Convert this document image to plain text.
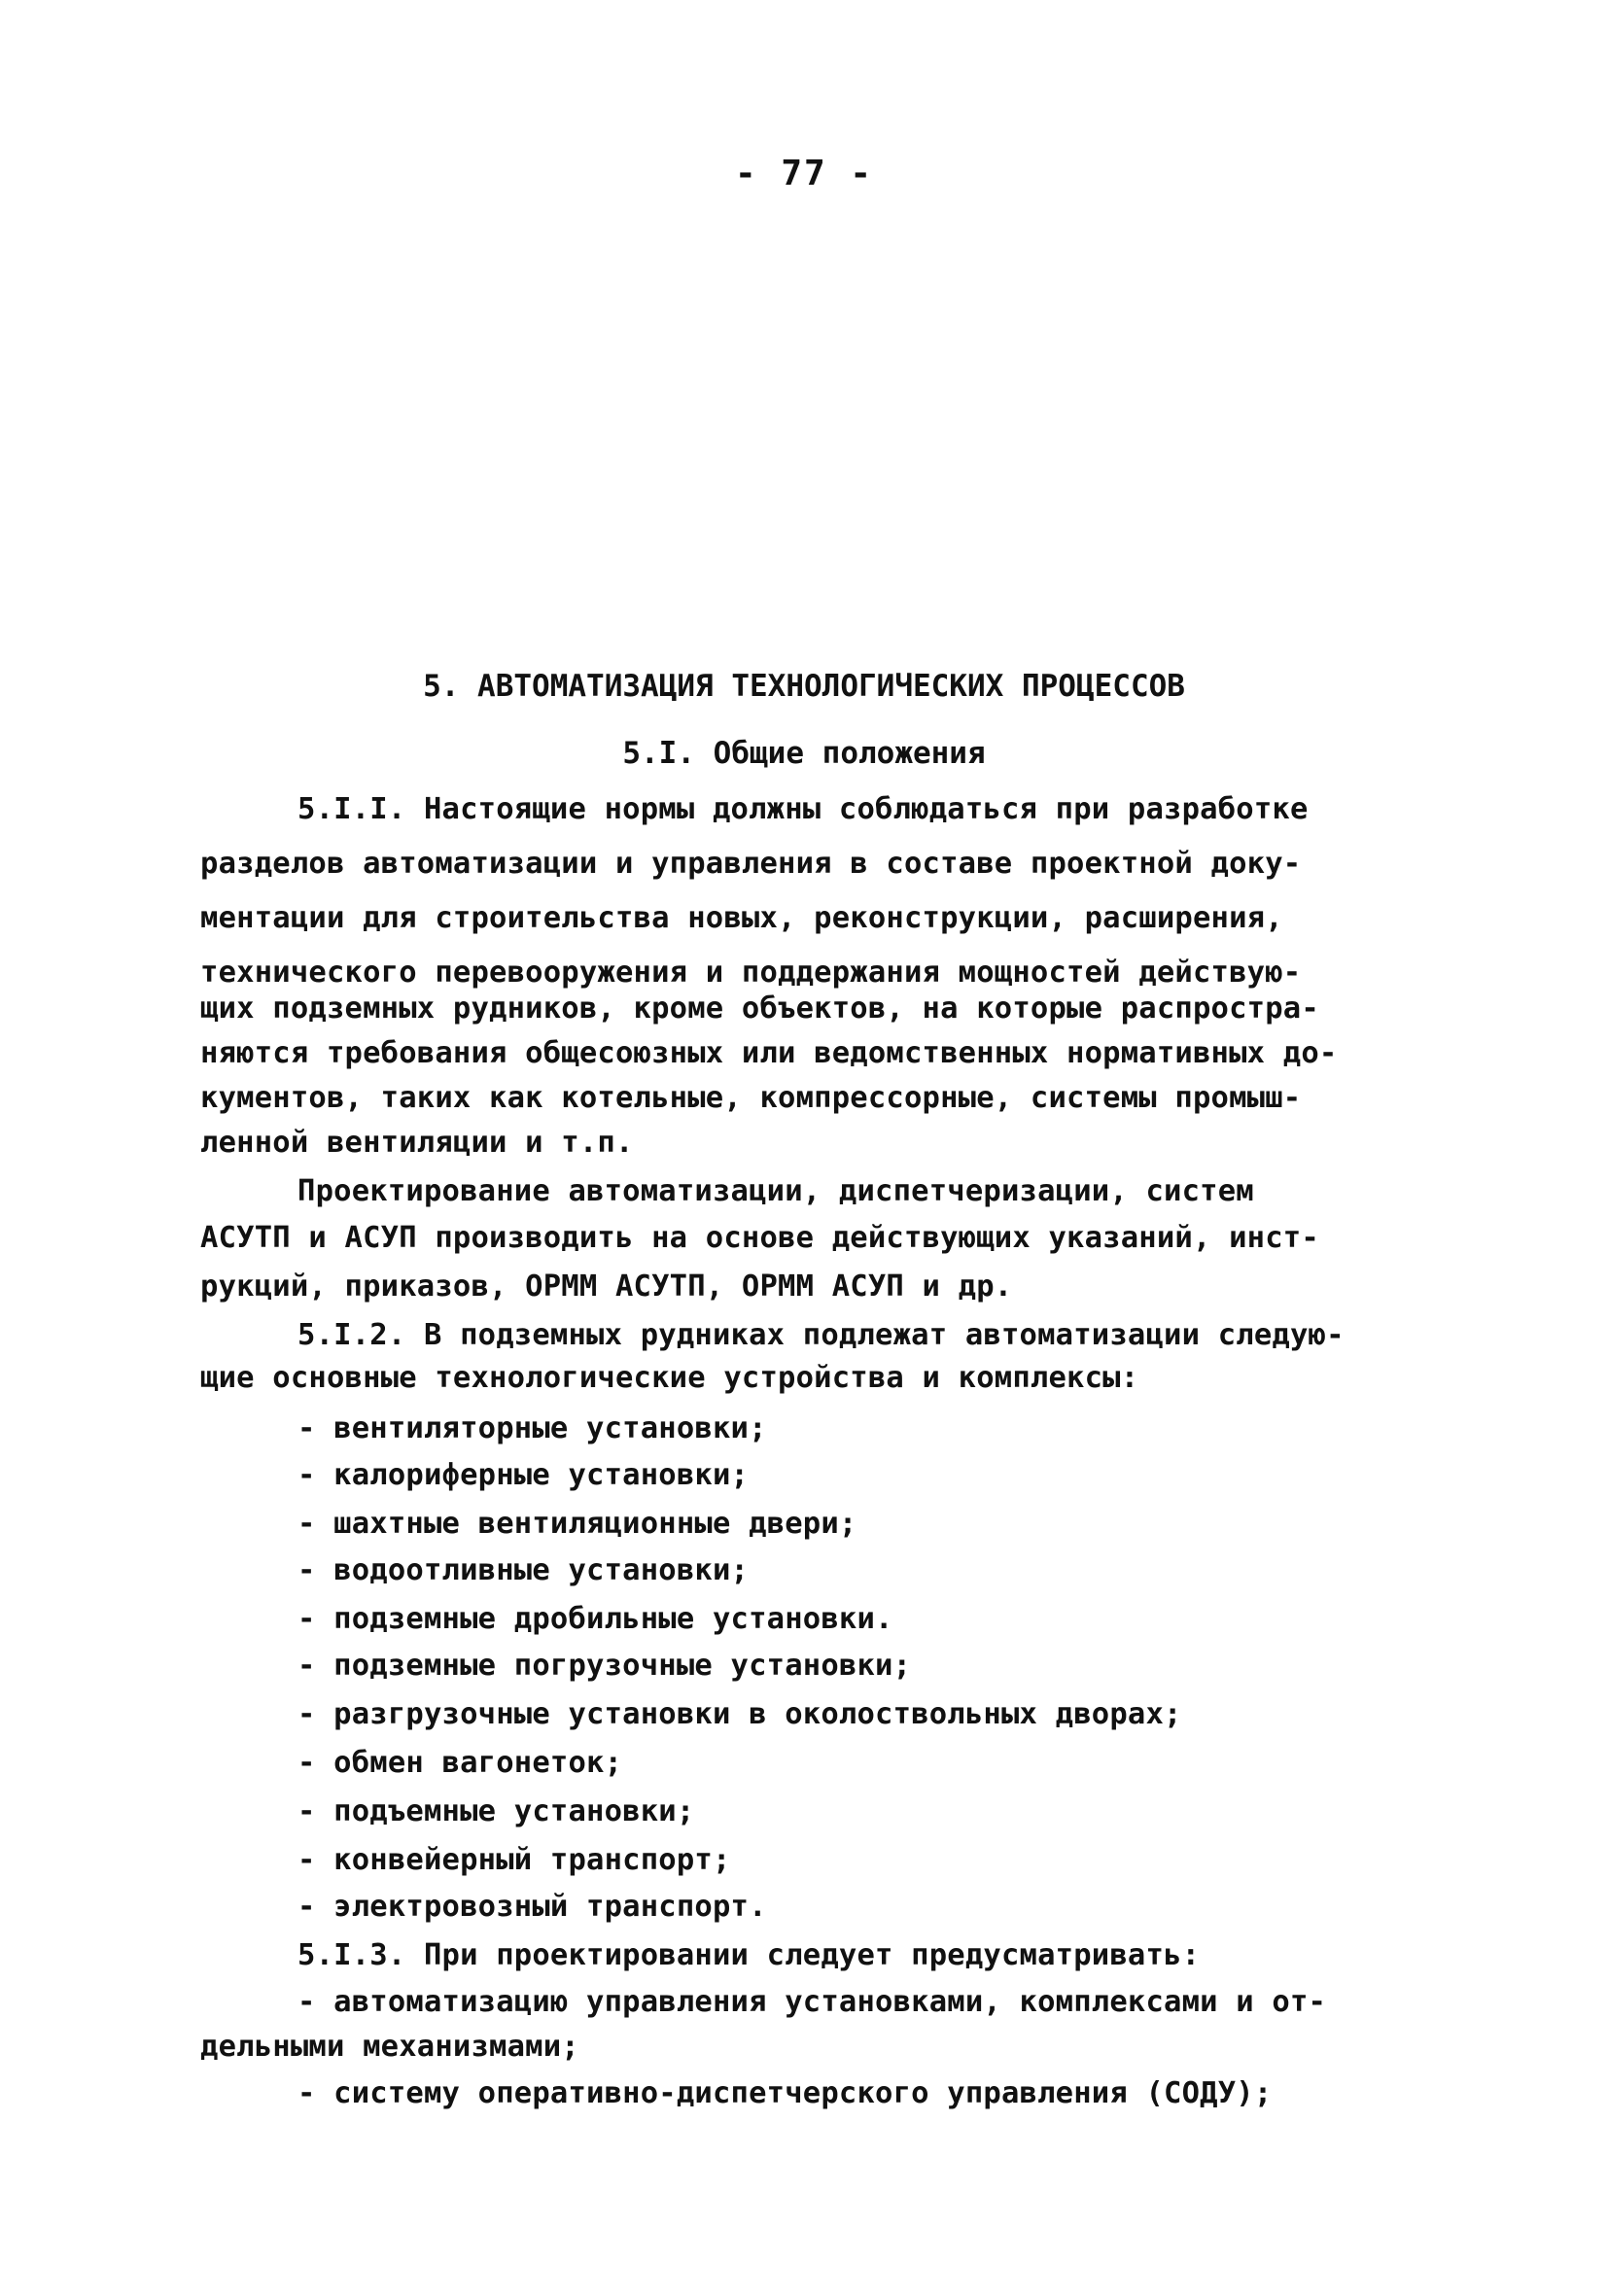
- 77 -
5. АВТОМАТИЗАЦИЯ ТЕХНОЛОГИЧЕСКИХ ПРОЦЕССОВ
5.I. Общие положения
5.I.I. Настоящие нормы должны соблюдаться при разработке
разделов автоматизации и управления в составе проектной доку-
ментации для строительства новых, реконструкции, расширения,
технического перевооружения и поддержания мощностей действую-
щих подземных рудников, кроме объектов, на которые распростра-
няются требования общесоюзных или ведомственных нормативных до-
кументов, таких как котельные, компрессорные, системы промыш-
ленной вентиляции и т.п.
Проектирование автоматизации, диспетчеризации, систем
АСУТП и АСУП производить на основе действующих указаний, инст-
рукций, приказов, ОРММ АСУТП, ОРММ АСУП и др.
5.I.2. В подземных рудниках подлежат автоматизации следую-
щие основные технологические устройства и комплексы:
- вентиляторные установки;
- калориферные установки;
- шахтные вентиляционные двери;
- водоотливные установки;
- подземные дробильные установки.
- подземные погрузочные установки;
- разгрузочные установки в околоствольных дворах;
- обмен вагонеток;
- подъемные установки;
- конвейерный транспорт;
- электровозный транспорт.
5.I.3. При проектировании следует предусматривать:
- автоматизацию управления установками, комплексами и от-
дельными механизмами;
- систему оперативно-диспетчерского управления (СОДУ);
